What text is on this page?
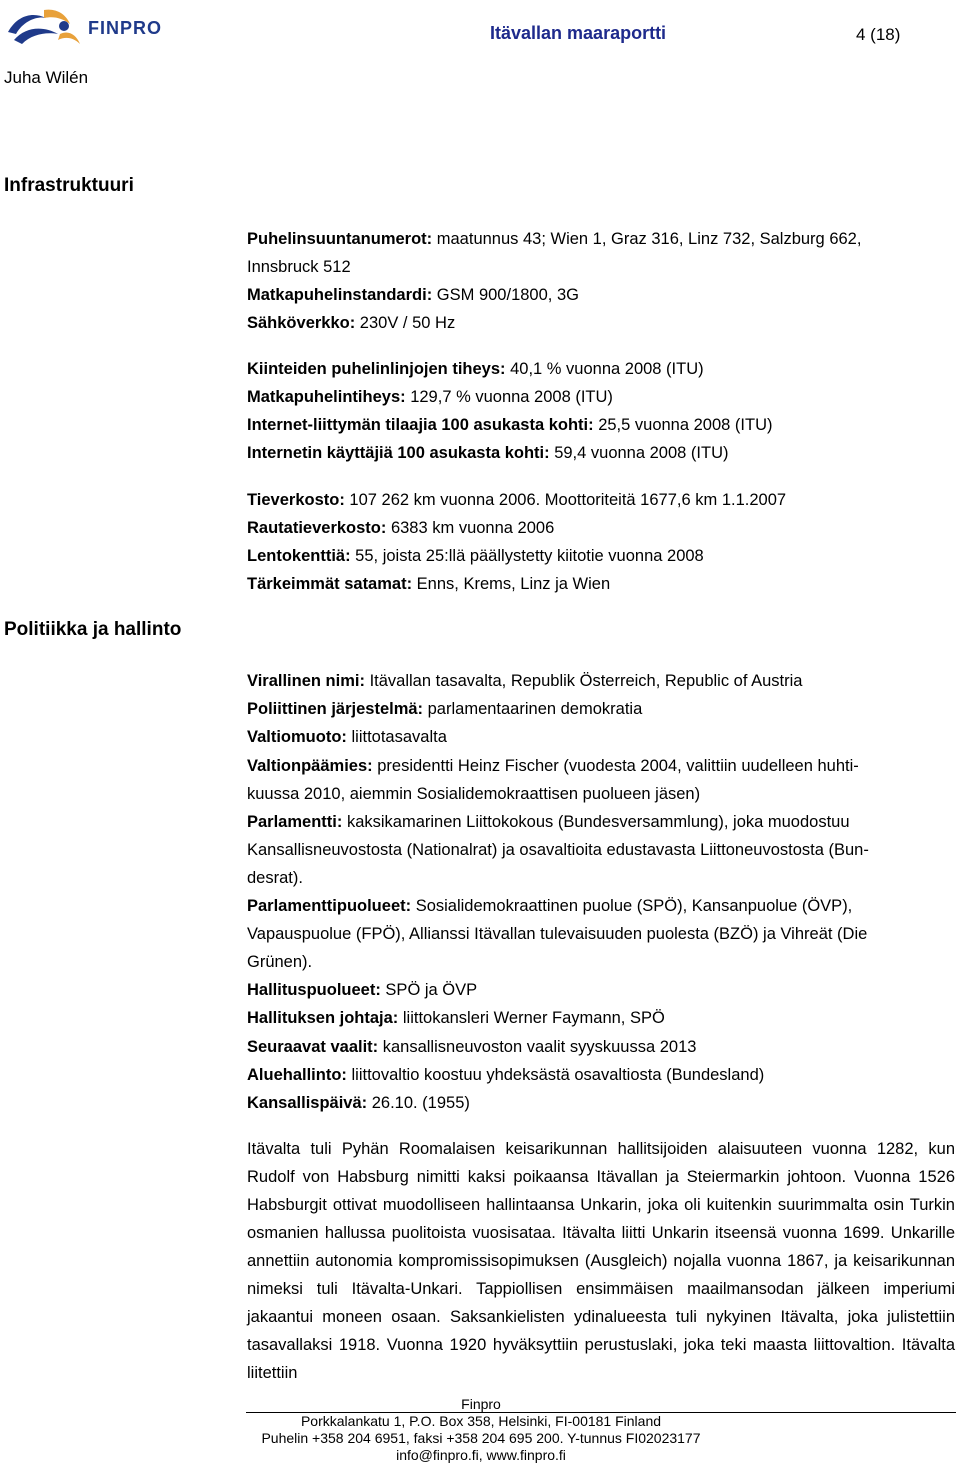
FINPRO	Itävallan maaraportti	4 (18)
Juha Wilén
Infrastruktuuri
Politiikka ja hallinto
Puhelinsuuntanumerot: maatunnus 43; Wien 1, Graz 316, Linz 732, Salzburg 662,
Innsbruck 512
Matkapuhelinstandardi: GSM 900/1800, 3G
Sähköverkko: 230V / 50 Hz
Kiinteiden puhelinlinjojen tiheys: 40,1 % vuonna 2008 (ITU)
Matkapuhelintiheys: 129,7 % vuonna 2008 (ITU)
Internet-liittymän tilaajia 100 asukasta kohti: 25,5 vuonna 2008 (ITU)
Internetin käyttäjiä 100 asukasta kohti: 59,4 vuonna 2008 (ITU)
Tieverkosto: 107 262 km vuonna 2006. Moottoriteitä 1677,6 km 1.1.2007
Rautatieverkosto: 6383 km vuonna 2006
Lentokenttiä: 55, joista 25:llä päällystetty kiitotie vuonna 2008
Tärkeimmät satamat: Enns, Krems, Linz ja Wien
Virallinen nimi: Itävallan tasavalta, Republik Österreich, Republic of Austria
Poliittinen järjestelmä: parlamentaarinen demokratia
Valtiomuoto: liittotasavalta
Valtionpäämies: presidentti Heinz Fischer (vuodesta 2004, valittiin uudelleen huhti-
kuussa 2010, aiemmin Sosialidemokraattisen puolueen jäsen)
Parlamentti: kaksikamarinen Liittokokous (Bundesversammlung), joka muodostuu
Kansallisneuvostosta (Nationalrat) ja osavaltioita edustavasta Liittoneuvostosta (Bun-
desrat).
Parlamenttipuolueet: Sosialidemokraattinen puolue (SPÖ), Kansanpuolue (ÖVP),
Vapauspuolue (FPÖ), Allianssi Itävallan tulevaisuuden puolesta (BZÖ) ja Vihreät (Die
Grünen).
Hallituspuolueet: SPÖ ja ÖVP
Hallituksen johtaja: liittokansleri Werner Faymann, SPÖ
Seuraavat vaalit: kansallisneuvoston vaalit syyskuussa 2013
Aluehallinto: liittovaltio koostuu yhdeksästä osavaltiosta (Bundesland)
Kansallispäivä: 26.10. (1955)
Itävalta tuli Pyhän Roomalaisen keisarikunnan hallitsijoiden alaisuuteen vuonna 1282, kun Rudolf von Habsburg nimitti kaksi poikaansa Itävallan ja Steiermarkin johtoon. Vuonna 1526 Habsburgit ottivat muodolliseen hallintaansa Unkarin, joka oli kuitenkin suurimmalta osin Turkin osmanien hallussa puolitoista vuosisataa. Itävalta liitti Unkarin itseensä vuonna 1699. Unkarille annettiin autonomia kompromissisopimuksen (Ausgleich) nojalla vuonna 1867, ja keisarikunnan nimeksi tuli Itävalta-Unkari. Tappiollisen ensimmäisen maailmansodan jälkeen imperiumi jakaantui moneen osaan. Saksankielisten ydinalueesta tuli nykyinen Itävalta, joka julistettiin tasavallaksi 1918. Vuonna 1920 hyväksyttiin perustuslaki, joka teki maasta liittovaltion. Itävalta liitettiin
Finpro
Porkkalankatu 1, P.O. Box 358, Helsinki, FI-00181 Finland
Puhelin +358 204 6951, faksi +358 204 695 200. Y-tunnus FI02023177
info@finpro.fi, www.finpro.fi
